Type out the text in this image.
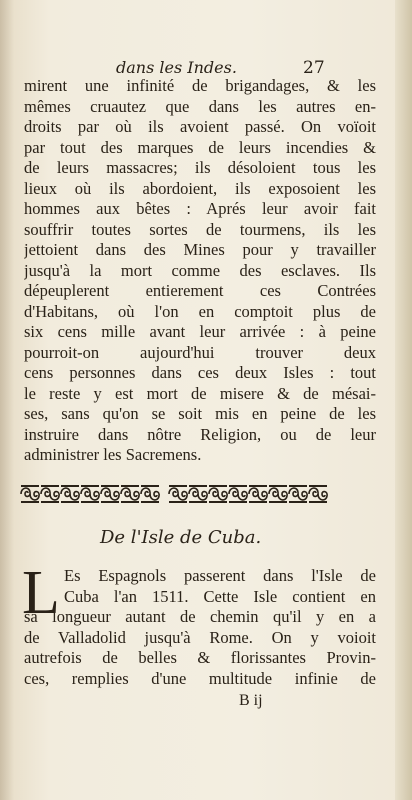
dans les Indes.	27
mirent une infinité de brigandages, & les
mêmes cruautez que dans les autres en-
droits par où ils avoient passé. On voïoit
par tout des marques de leurs incendies &
de leurs massacres; ils désoloient tous les
lieux où ils abordoient, ils exposoient les
hommes aux bêtes : Aprés leur avoir fait
souffrir toutes sortes de tourmens, ils les
jettoient dans des Mines pour y travailler
jusqu'à la mort comme des esclaves. Ils
dépeuplerent entierement ces Contrées
d'Habitans, où l'on en comptoit plus de
six cens mille avant leur arrivée : à peine
pourroit-on aujourd'hui trouver deux
cens personnes dans ces deux Isles : tout
le reste y est mort de misere & de mésai-
ses, sans qu'on se soit mis en peine de les
instruire dans nôtre Religion, ou de leur
administrer les Sacremens.
De l'Isle de Cuba.
L Es Espagnols passerent dans l'Isle de
Cuba l'an 1511. Cette Isle contient en
sa longueur autant de chemin qu'il y en a
de Valladolid jusqu'à Rome. On y voioit
autrefois de belles & florissantes Provin-
ces, remplies d'une multitude infinie de
B ij
